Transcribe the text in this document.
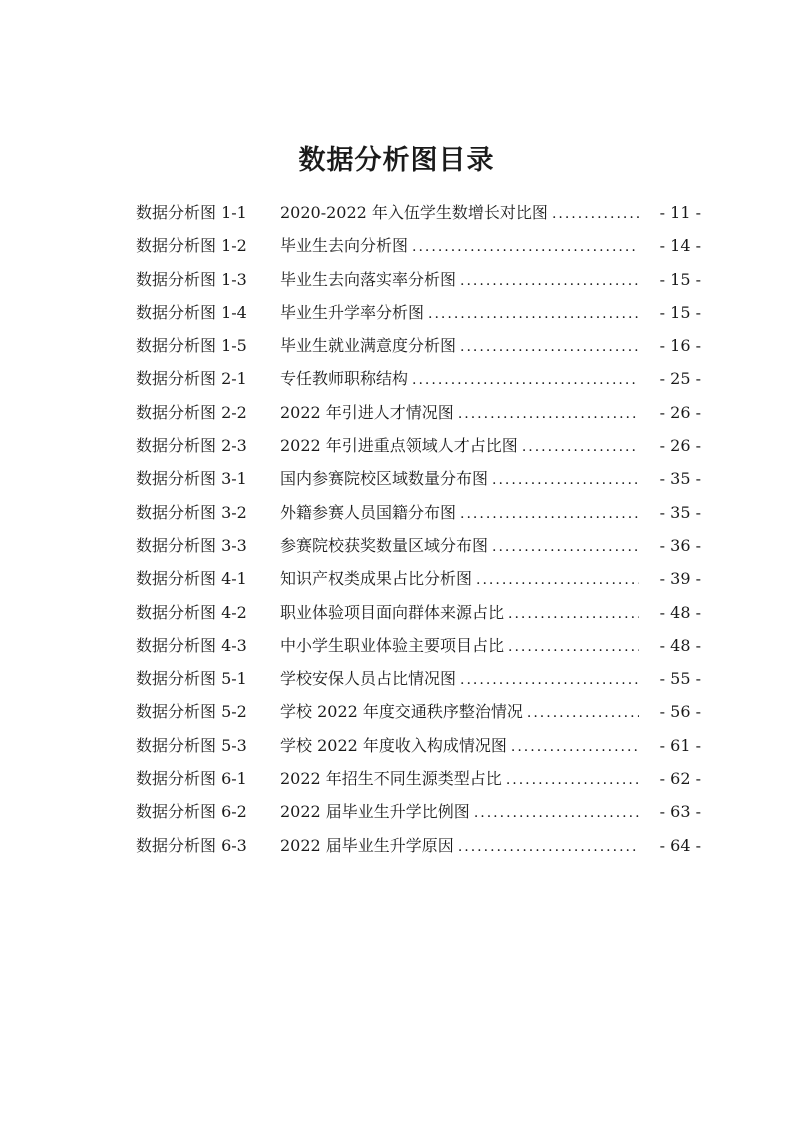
数据分析图目录
数据分析图 1-1	2020-2022 年入伍学生数增长对比图 .....	- 11 -
数据分析图 1-2	毕业生去向分析图 .....	- 14 -
数据分析图 1-3	毕业生去向落实率分析图 .....	- 15 -
数据分析图 1-4	毕业生升学率分析图 .....	- 15 -
数据分析图 1-5	毕业生就业满意度分析图 .....	- 16 -
数据分析图 2-1	专任教师职称结构 .....	- 25 -
数据分析图 2-2	2022 年引进人才情况图 .....	- 26 -
数据分析图 2-3	2022 年引进重点领域人才占比图 .....	- 26 -
数据分析图 3-1	国内参赛院校区域数量分布图 .....	- 35 -
数据分析图 3-2	外籍参赛人员国籍分布图 .....	- 35 -
数据分析图 3-3	参赛院校获奖数量区域分布图 .....	- 36 -
数据分析图 4-1	知识产权类成果占比分析图 .....	- 39 -
数据分析图 4-2	职业体验项目面向群体来源占比 .....	- 48 -
数据分析图 4-3	中小学生职业体验主要项目占比 .....	- 48 -
数据分析图 5-1	学校安保人员占比情况图 .....	- 55 -
数据分析图 5-2	学校 2022 年度交通秩序整治情况 .....	- 56 -
数据分析图 5-3	学校 2022 年度收入构成情况图 .....	- 61 -
数据分析图 6-1	2022 年招生不同生源类型占比 .....	- 62 -
数据分析图 6-2	2022 届毕业生升学比例图 .....	- 63 -
数据分析图 6-3	2022 届毕业生升学原因 .....	- 64 -
